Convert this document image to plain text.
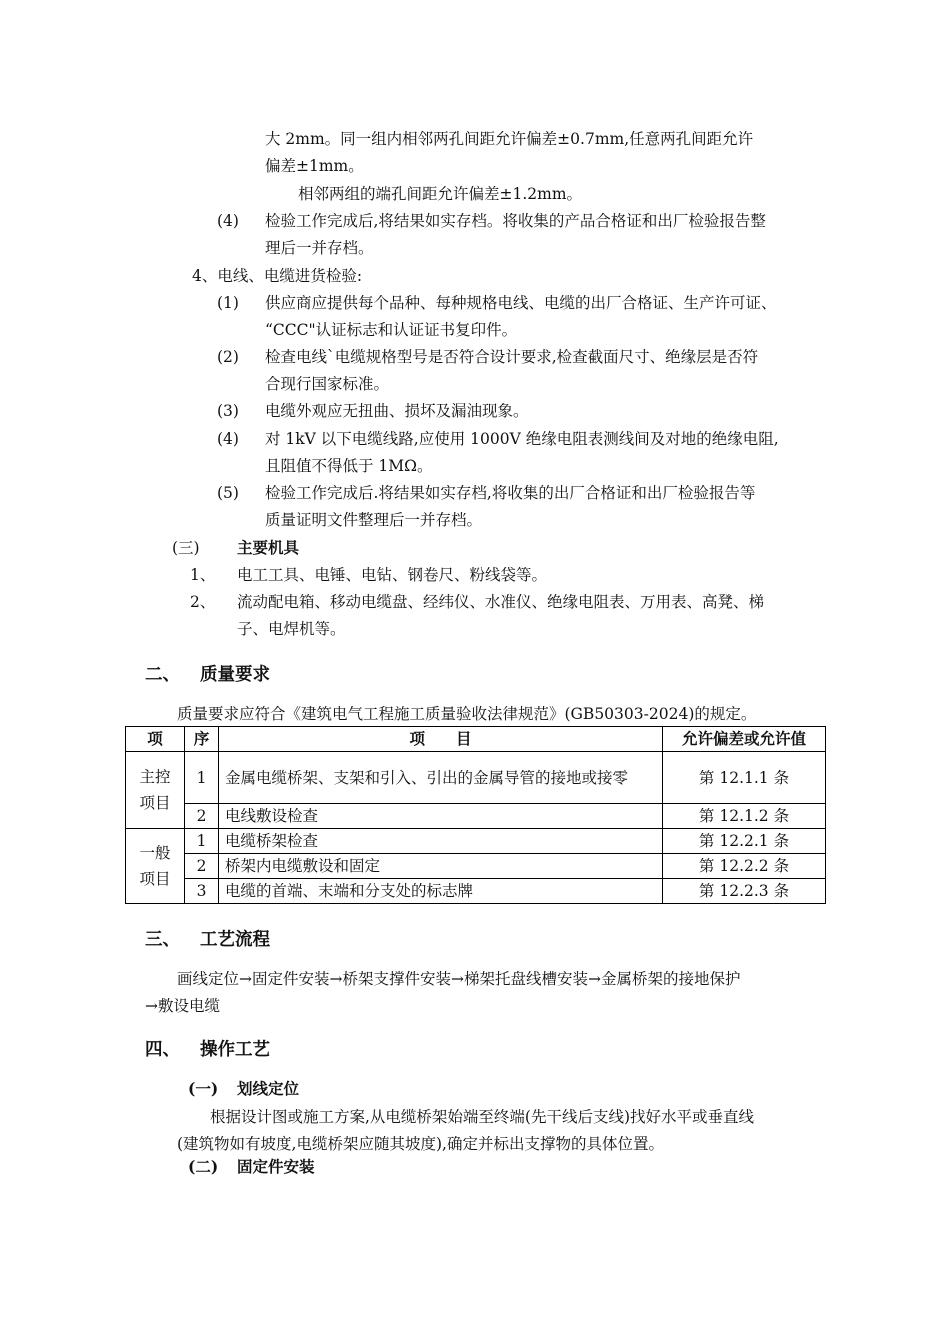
大 2mm。同一组内相邻两孔间距允许偏差±0.7mm,任意两孔间距允许
偏差±1mm。
相邻两组的端孔间距允许偏差±1.2mm。
(4) 检验工作完成后,将结果如实存档。将收集的产品合格证和出厂检验报告整
理后一并存档。
4、电线、电缆进货检验:
(1) 供应商应提供每个品种、每种规格电线、电缆的出厂合格证、生产许可证、
“CCC"认证标志和认证证书复印件。
(2) 检查电线`电缆规格型号是否符合设计要求,检查截面尺寸、绝缘层是否符
合现行国家标准。
(3) 电缆外观应无扭曲、损坏及漏油现象。
(4) 对 1kV 以下电缆线路,应使用 1000V 绝缘电阻表测线间及对地的绝缘电阻,
且阻值不得低于 1MΩ。
(5) 检验工作完成后.将结果如实存档,将收集的出厂合格证和出厂检验报告等
质量证明文件整理后一并存档。
(三) 主要机具
1、 电工工具、电锤、电钻、钢卷尺、粉线袋等。
2、 流动配电箱、移动电缆盘、经纬仪、水准仪、绝缘电阻表、万用表、高凳、梯
子、电焊机等。
二、 质量要求
质量要求应符合《建筑电气工程施工质量验收法律规范》(GB50303-2024)的规定。
项	序	项　　目	允许偏差或允许值
主控项目	1	金属电缆桥架、支架和引入、引出的金属导管的接地或接零	第 12.1.1 条
	2	电线敷设检查	第 12.1.2 条
一般项目	1	电缆桥架检查	第 12.2.1 条
	2	桥架内电缆敷设和固定	第 12.2.2 条
	3	电缆的首端、末端和分支处的标志牌	第 12.2.3 条
三、 工艺流程
画线定位→固定件安装→桥架支撑件安装→梯架托盘线槽安装→金属桥架的接地保护
→敷设电缆
四、 操作工艺
(一) 划线定位
根据设计图或施工方案,从电缆桥架始端至终端(先干线后支线)找好水平或垂直线
(建筑物如有坡度,电缆桥架应随其坡度),确定并标出支撑物的具体位置。
(二) 固定件安装
